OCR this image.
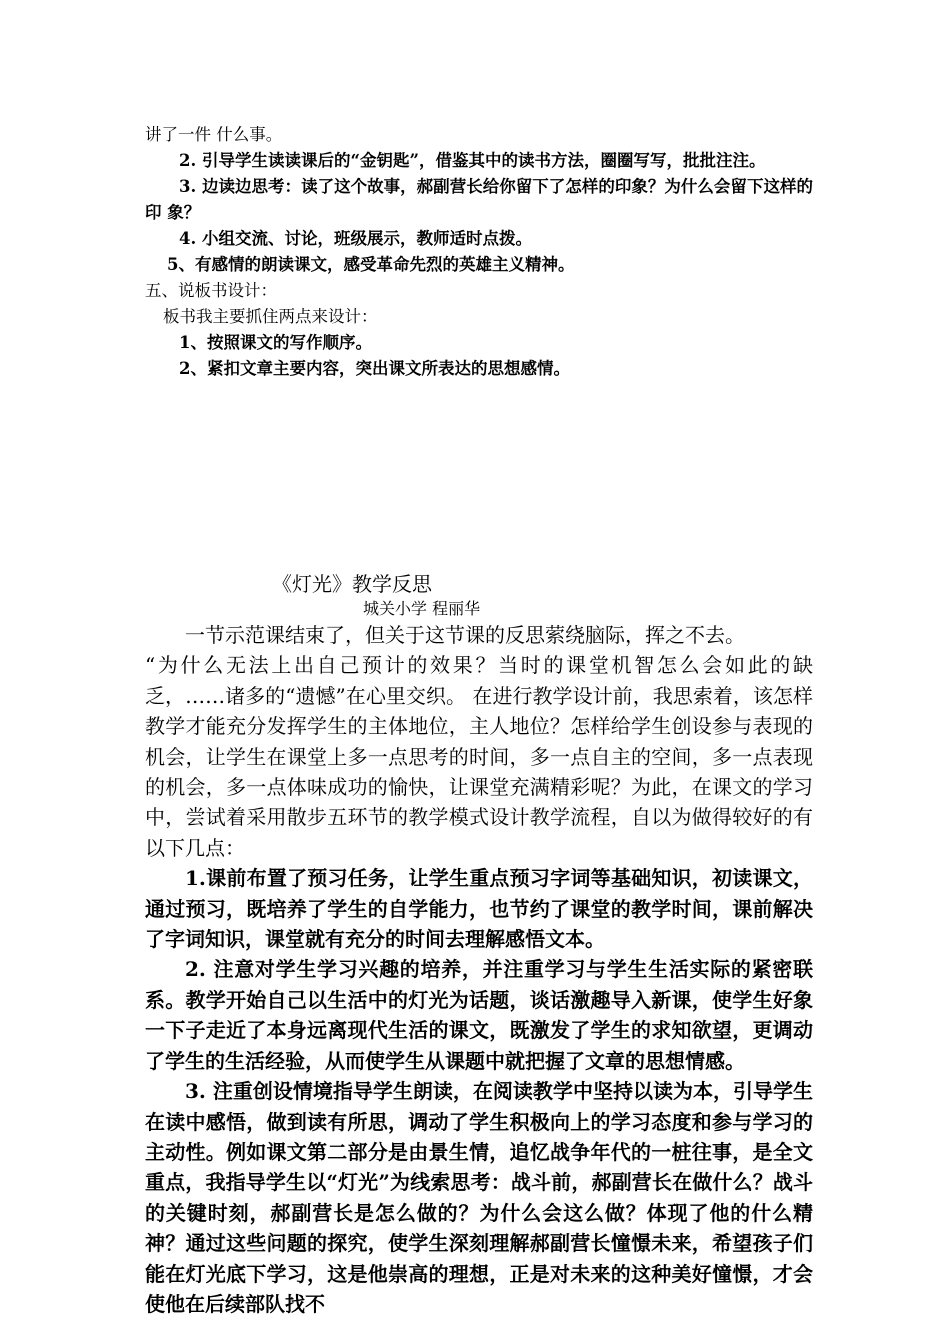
讲了一件 什么事。

2. 引导学生读读课后的“金钥匙”，借鉴其中的读书方法，圈圈写写，批批注注。

3. 边读边思考：读了这个故事，郝副营长给你留下了怎样的印象？为什么会留下这样的印 象？

4. 小组交流、讨论，班级展示，教师适时点拨。

5、有感情的朗读课文，感受革命先烈的英雄主义精神。

五、说板书设计：

板书我主要抓住两点来设计：

1、按照课文的写作顺序。

2、紧扣文章主要内容，突出课文所表达的思想感情。

《灯光》教学反思
城关小学 程丽华

一节示范课结束了，但关于这节课的反思萦绕脑际，挥之不去。

“为什么无法上出自己预计的效果？当时的课堂机智怎么会如此的缺乏，……诸多的“遗憾”在心里交织。 在进行教学设计前，我思索着，该怎样教学才能充分发挥学生的主体地位，主人地位？怎样给学生创设参与表现的机会，让学生在课堂上多一点思考的时间，多一点自主的空间，多一点表现的机会，多一点体味成功的愉快，让课堂充满精彩呢？为此，在课文的学习中，尝试着采用散步五环节的教学模式设计教学流程，自以为做得较好的有以下几点：

1.课前布置了预习任务，让学生重点预习字词等基础知识，初读课文，通过预习，既培养了学生的自学能力，也节约了课堂的教学时间，课前解决了字词知识，课堂就有充分的时间去理解感悟文本。

2. 注意对学生学习兴趣的培养，并注重学习与学生生活实际的紧密联系。教学开始自己以生活中的灯光为话题，谈话激趣导入新课，使学生好象一下子走近了本身远离现代生活的课文，既激发了学生的求知欲望，更调动了学生的生活经验，从而使学生从课题中就把握了文章的思想情感。

3. 注重创设情境指导学生朗读，在阅读教学中坚持以读为本，引导学生在读中感悟，做到读有所思，调动了学生积极向上的学习态度和参与学习的主动性。例如课文第二部分是由景生情，追忆战争年代的一桩往事，是全文重点，我指导学生以“灯光”为线索思考：战斗前，郝副营长在做什么？战斗的关键时刻，郝副营长是怎么做的？为什么会这么做？体现了他的什么精神？通过这些问题的探究，使学生深刻理解郝副营长憧憬未来，希望孩子们能在灯光底下学习，这是他崇高的理想，正是对未来的这种美好憧憬，才会使他在后续部队找不
